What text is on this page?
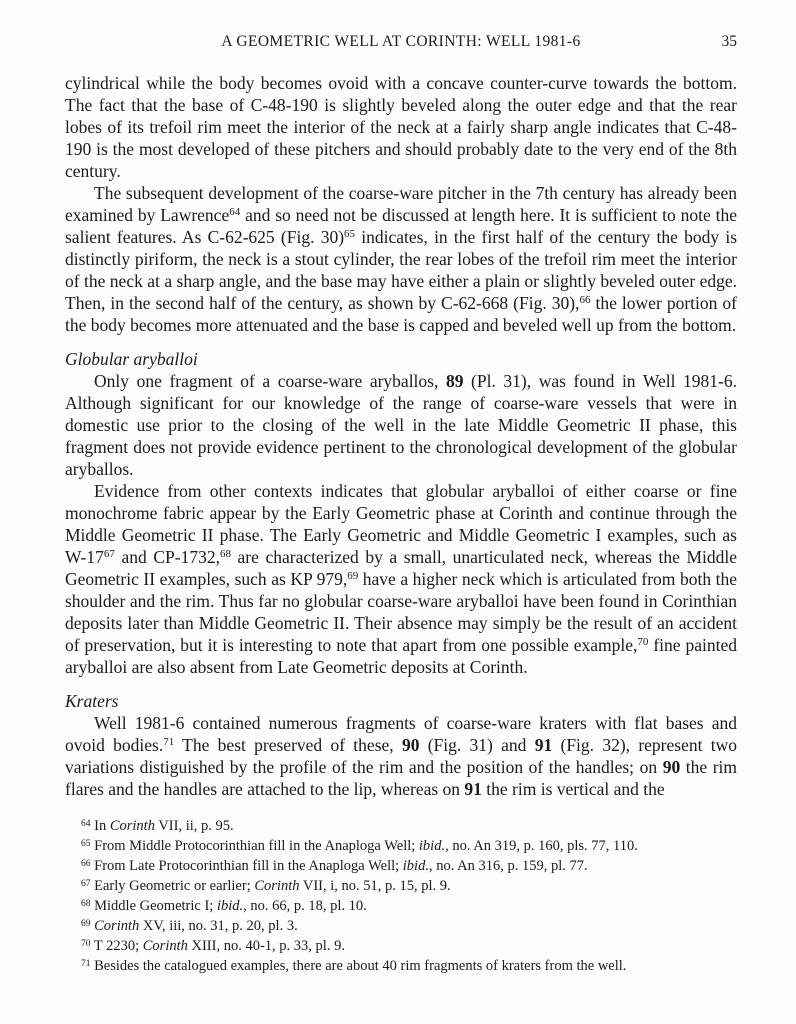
A GEOMETRIC WELL AT CORINTH: WELL 1981-6	35

cylindrical while the body becomes ovoid with a concave counter-curve towards the bottom. The fact that the base of C-48-190 is slightly beveled along the outer edge and that the rear lobes of its trefoil rim meet the interior of the neck at a fairly sharp angle indicates that C-48-190 is the most developed of these pitchers and should probably date to the very end of the 8th century.

The subsequent development of the coarse-ware pitcher in the 7th century has already been examined by Lawrence$^{64}$ and so need not be discussed at length here. It is sufficient to note the salient features. As C-62-625 (Fig. 30)$^{65}$ indicates, in the first half of the century the body is distinctly piriform, the neck is a stout cylinder, the rear lobes of the trefoil rim meet the interior of the neck at a sharp angle, and the base may have either a plain or slightly beveled outer edge. Then, in the second half of the century, as shown by C-62-668 (Fig. 30),$^{66}$ the lower portion of the body becomes more attenuated and the base is capped and beveled well up from the bottom.

Globular aryballoi

Only one fragment of a coarse-ware aryballos, 89 (Pl. 31), was found in Well 1981-6. Although significant for our knowledge of the range of coarse-ware vessels that were in domestic use prior to the closing of the well in the late Middle Geometric II phase, this fragment does not provide evidence pertinent to the chronological development of the globular aryballos.

Evidence from other contexts indicates that globular aryballoi of either coarse or fine monochrome fabric appear by the Early Geometric phase at Corinth and continue through the Middle Geometric II phase. The Early Geometric and Middle Geometric I examples, such as $W-17^{67}$ and CP-1732,68 are characterized by a small, unarticulated neck, whereas the Middle Geometric II examples, such as KP 979,69 have a higher neck which is articulated from both the shoulder and the rim. Thus far no globular coarse-ware aryballoi have been found in Corinthian deposits later than Middle Geometric II. Their absence may simply be the result of an accident of preservation, but it is interesting to note that apart from one possible example,$^{70}$ fine painted aryballoi are also absent from Late Geometric deposits at Corinth.

Kraters

Well 1981-6 contained numerous fragments of coarse-ware kraters with flat bases and ovoid bodies.$^{71}$ The best preserved of these, 90 (Fig. 31) and 91 (Fig. 32), represent two variations distiguished by the profile of the rim and the position of the handles; on 90 the rim flares and the handles are attached to the lip, whereas on 91 the rim is vertical and the

$^{64}$ In Corinth VII, ii, p. 95.

$^{65}$ From Middle Protocorinthian fill in the Anaploga Well; ibid., no. An 319, p. 160, pls. 77, 110.

$^{66}$ From Late Protocorinthian fill in the Anaploga Well; ibid., no. An 316, p. 159, pl. 77.

$^{67}$ Early Geometric or earlier; Corinth VII, i, no. 51, p. 15, pl. 9.

$^{68}$ Middle Geometric I; ibid., no. 66, p. 18, pl. 10.

$^{69}$ Corinth XV, iii, no. 31, p. 20, pl. 3.

$^{70}$ T 2230; Corinth XIII, no. 40-1, p. 33, pl. 9.

$^{71}$ Besides the catalogued examples, there are about 40 rim fragments of kraters from the well.
